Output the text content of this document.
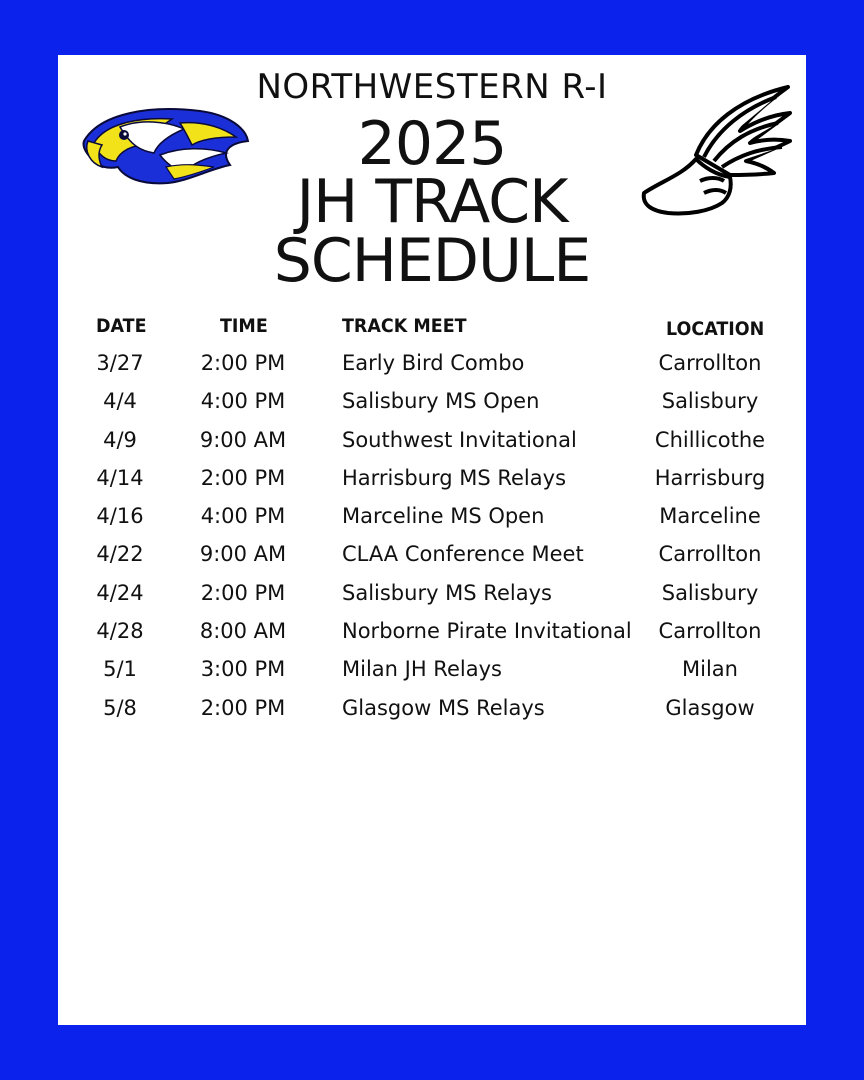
NORTHWESTERN R-I
2025
JH TRACK
SCHEDULE
DATE	TIME	TRACK MEET	LOCATION
3/27	2:00 PM	Early Bird Combo	Carrollton
4/4	4:00 PM	Salisbury MS Open	Salisbury
4/9	9:00 AM	Southwest Invitational	Chillicothe
4/14	2:00 PM	Harrisburg MS Relays	Harrisburg
4/16	4:00 PM	Marceline MS Open	Marceline
4/22	9:00 AM	CLAA Conference Meet	Carrollton
4/24	2:00 PM	Salisbury MS Relays	Salisbury
4/28	8:00 AM	Norborne Pirate Invitational	Carrollton
5/1	3:00 PM	Milan JH Relays	Milan
5/8	2:00 PM	Glasgow MS Relays	Glasgow
